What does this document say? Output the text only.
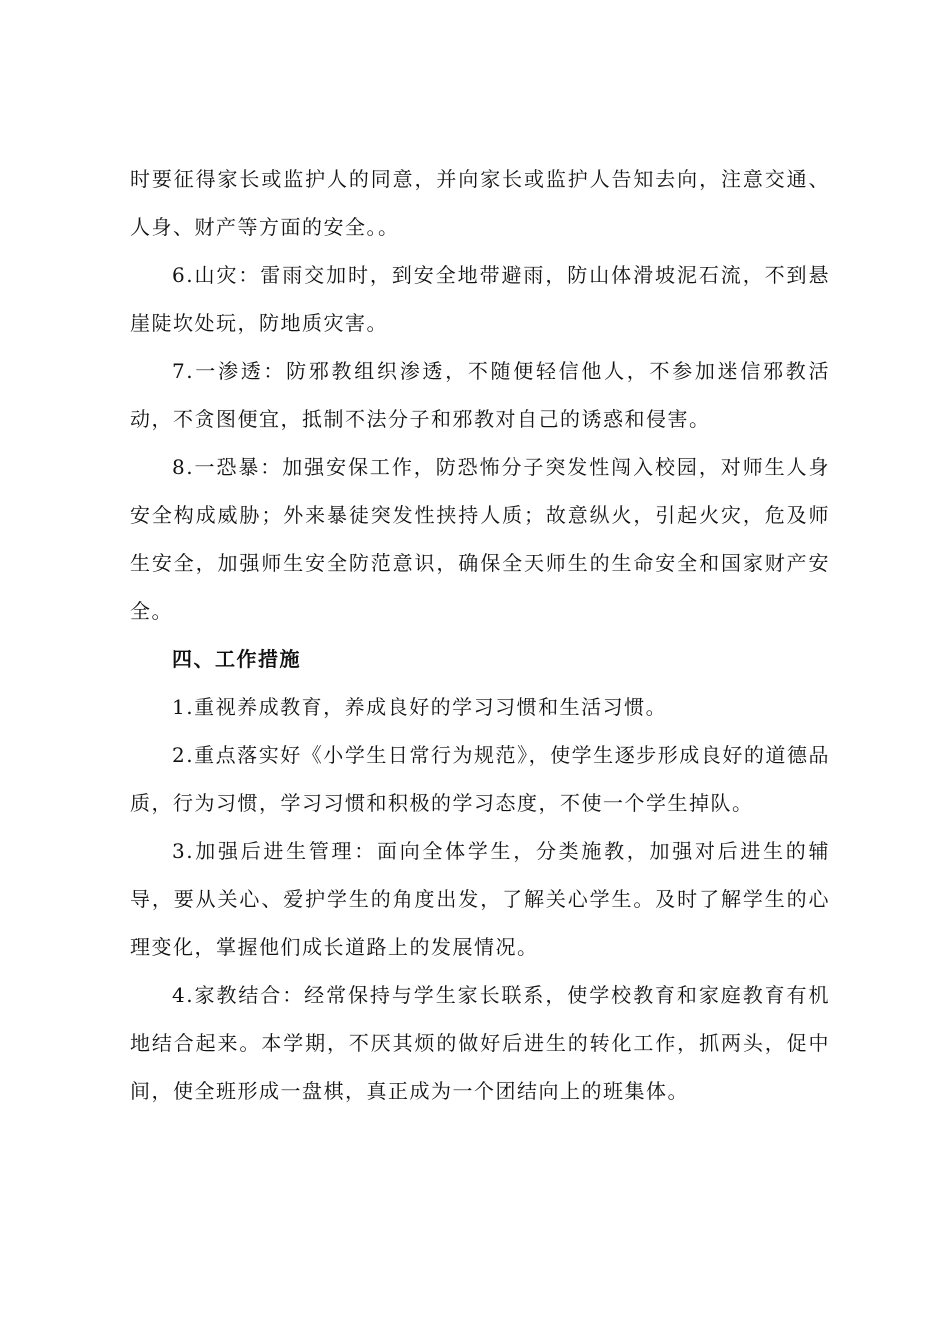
时要征得家长或监护人的同意，并向家长或监护人告知去向，注意交通、人身、财产等方面的安全。。

6.山灾：雷雨交加时，到安全地带避雨，防山体滑坡泥石流，不到悬崖陡坎处玩，防地质灾害。

7.一渗透：防邪教组织渗透，不随便轻信他人，不参加迷信邪教活动，不贪图便宜，抵制不法分子和邪教对自己的诱惑和侵害。

8.一恐暴：加强安保工作，防恐怖分子突发性闯入校园，对师生人身安全构成威胁；外来暴徒突发性挟持人质；故意纵火，引起火灾，危及师生安全，加强师生安全防范意识，确保全天师生的生命安全和国家财产安全。

四、工作措施

1.重视养成教育，养成良好的学习习惯和生活习惯。

2.重点落实好《小学生日常行为规范》，使学生逐步形成良好的道德品质，行为习惯，学习习惯和积极的学习态度，不使一个学生掉队。

3.加强后进生管理：面向全体学生，分类施教，加强对后进生的辅导，要从关心、爱护学生的角度出发，了解关心学生。及时了解学生的心理变化，掌握他们成长道路上的发展情况。

4.家教结合：经常保持与学生家长联系，使学校教育和家庭教育有机地结合起来。本学期，不厌其烦的做好后进生的转化工作，抓两头，促中间，使全班形成一盘棋，真正成为一个团结向上的班集体。
